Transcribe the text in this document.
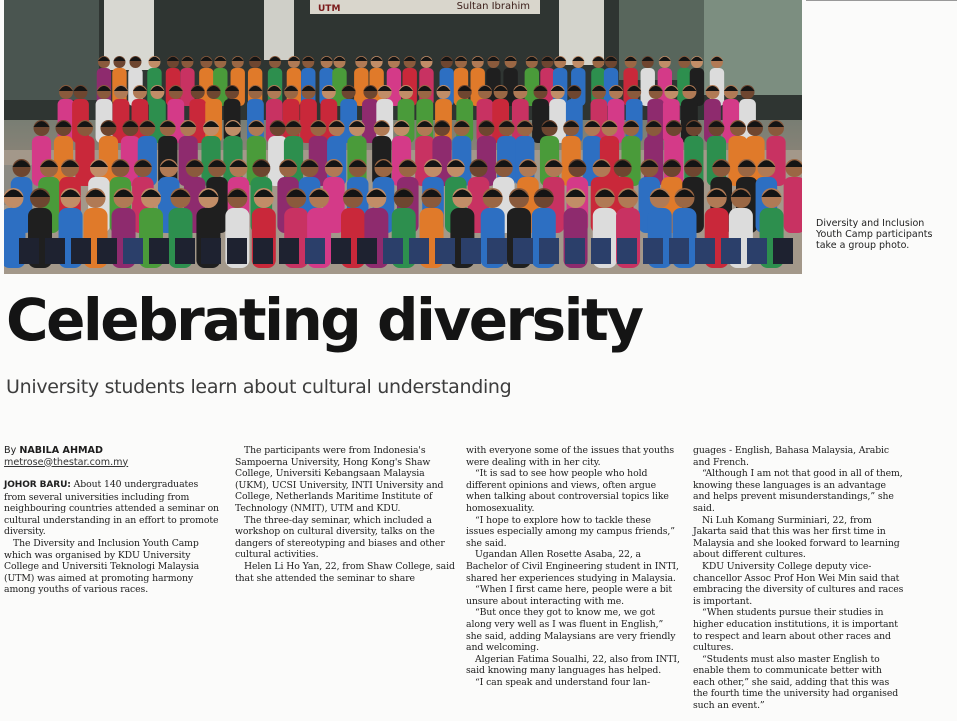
UTM	Sultan Ibrahim
Diversity and Inclusion Youth Camp participants take a group photo.
Celebrating diversity
University students learn about cultural understanding
By NABILA AHMAD
metrose@thestar.com.my

JOHOR BARU: About 140 undergraduates from several universities including from neighbouring countries attended a seminar on cultural understanding in an effort to promote diversity.

The Diversity and Inclusion Youth Camp which was organised by KDU University College and Universiti Teknologi Malaysia (UTM) was aimed at promoting harmony among youths of various races.

The participants were from Indonesia's Sampoerna University, Hong Kong's Shaw College, Universiti Kebangsaan Malaysia (UKM), UCSI University, INTI University and College, Netherlands Maritime Institute of Technology (NMIT), UTM and KDU.

The three-day seminar, which included a workshop on cultural diversity, talks on the dangers of stereotyping and biases and other cultural activities.

Helen Li Ho Yan, 22, from Shaw College, said that she attended the seminar to share

with everyone some of the issues that youths were dealing with in her city.

“It is sad to see how people who hold different opinions and views, often argue when talking about controversial topics like homosexuality.

“I hope to explore how to tackle these issues especially among my campus friends,” she said.

Ugandan Allen Rosette Asaba, 22, a Bachelor of Civil Engineering student in INTI, shared her experiences studying in Malaysia.

“When I first came here, people were a bit unsure about interacting with me.

“But once they got to know me, we got along very well as I was fluent in English,” she said, adding Malaysians are very friendly and welcoming.

Algerian Fatima Soualhi, 22, also from INTI, said knowing many languages has helped.

“I can speak and understand four lan-

guages - English, Bahasa Malaysia, Arabic and French.

“Although I am not that good in all of them, knowing these languages is an advantage and helps prevent misunderstandings,” she said.

Ni Luh Komang Surminiari, 22, from Jakarta said that this was her first time in Malaysia and she looked forward to learning about different cultures.

KDU University College deputy vice-chancellor Assoc Prof Hon Wei Min said that embracing the diversity of cultures and races is important.

“When students pursue their studies in higher education institutions, it is important to respect and learn about other races and cultures.

“Students must also master English to enable them to communicate better with each other,” she said, adding that this was the fourth time the university had organised such an event.”
